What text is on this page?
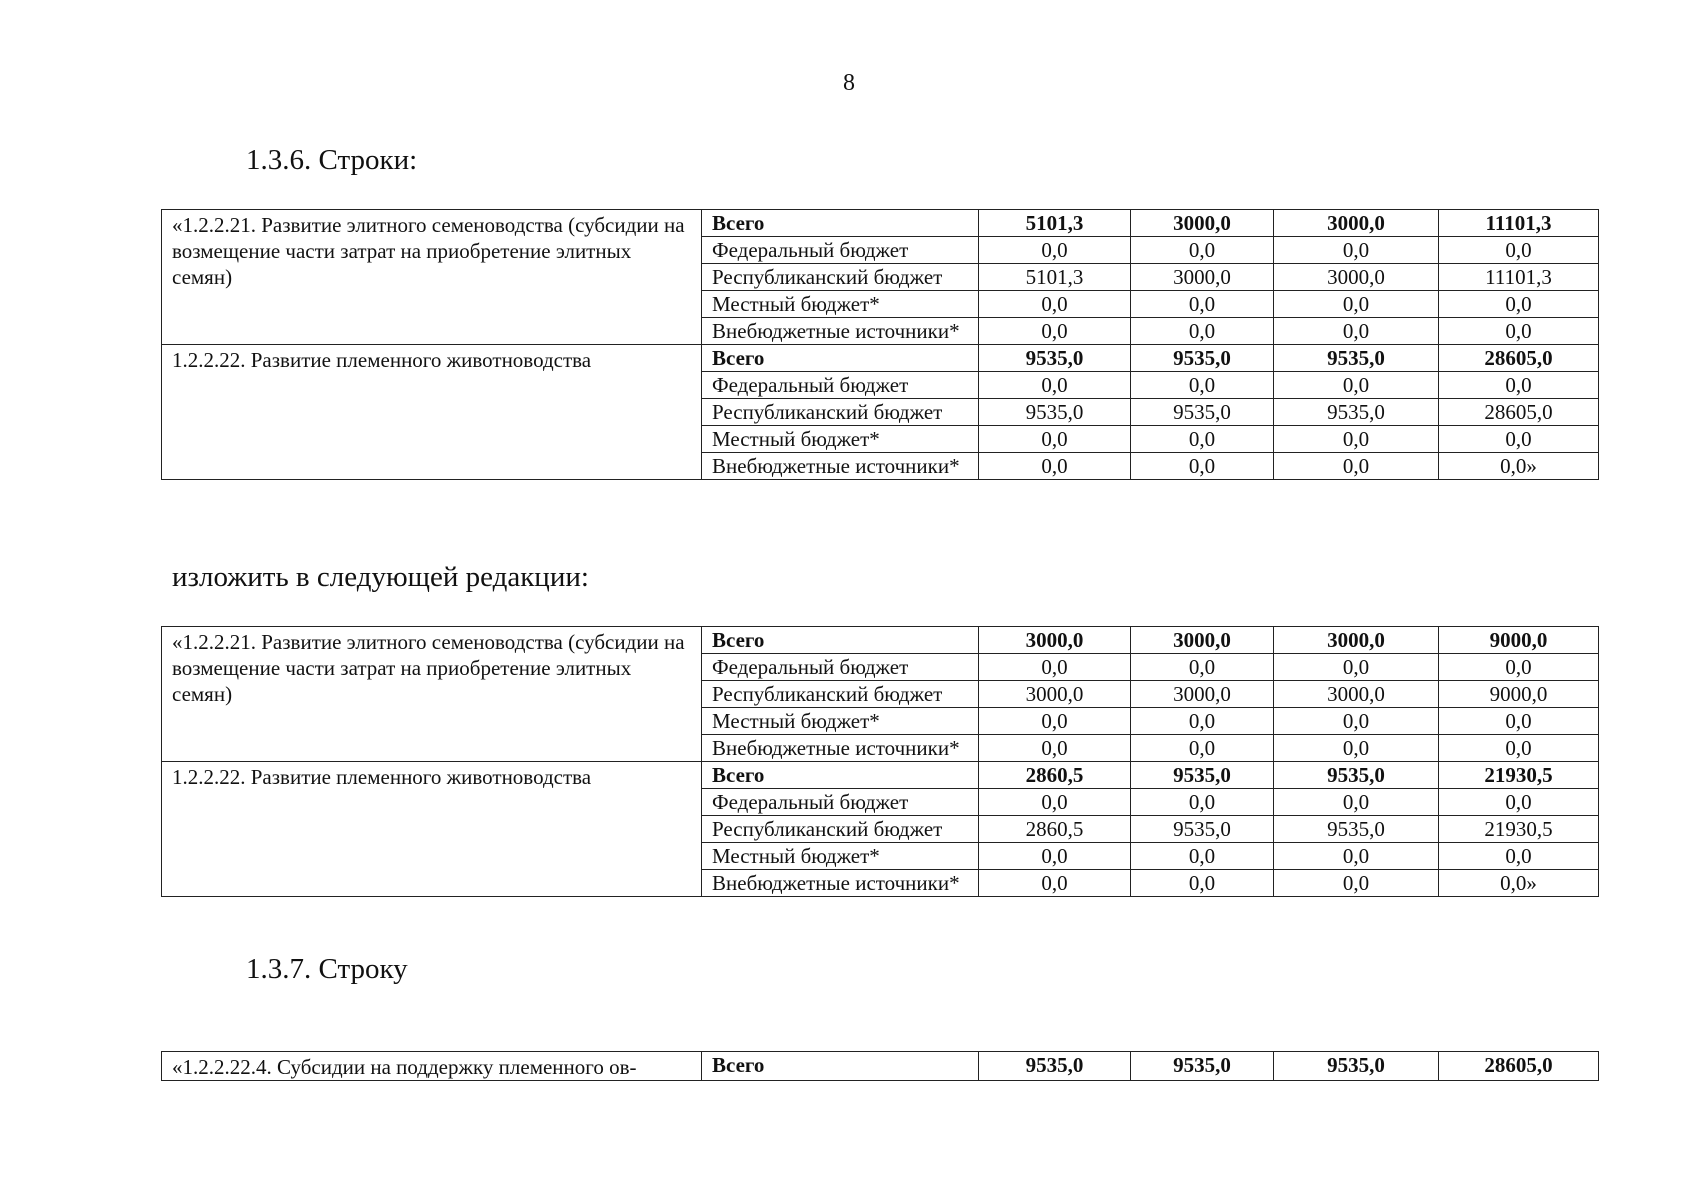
8
1.3.6. Строки:
«1.2.2.21. Развитие элитного семеноводства (субсидии на возмещение части затрат на приобретение элитных семян)	Всего	5101,3	3000,0	3000,0	11101,3
	Федеральный бюджет	0,0	0,0	0,0	0,0
	Республиканский бюджет	5101,3	3000,0	3000,0	11101,3
	Местный бюджет*	0,0	0,0	0,0	0,0
	Внебюджетные источники*	0,0	0,0	0,0	0,0
1.2.2.22. Развитие племенного животноводства	Всего	9535,0	9535,0	9535,0	28605,0
	Федеральный бюджет	0,0	0,0	0,0	0,0
	Республиканский бюджет	9535,0	9535,0	9535,0	28605,0
	Местный бюджет*	0,0	0,0	0,0	0,0
	Внебюджетные источники*	0,0	0,0	0,0	0,0»
изложить в следующей редакции:
«1.2.2.21. Развитие элитного семеноводства (субсидии на возмещение части затрат на приобретение элитных семян)	Всего	3000,0	3000,0	3000,0	9000,0
	Федеральный бюджет	0,0	0,0	0,0	0,0
	Республиканский бюджет	3000,0	3000,0	3000,0	9000,0
	Местный бюджет*	0,0	0,0	0,0	0,0
	Внебюджетные источники*	0,0	0,0	0,0	0,0
1.2.2.22. Развитие племенного животноводства	Всего	2860,5	9535,0	9535,0	21930,5
	Федеральный бюджет	0,0	0,0	0,0	0,0
	Республиканский бюджет	2860,5	9535,0	9535,0	21930,5
	Местный бюджет*	0,0	0,0	0,0	0,0
	Внебюджетные источники*	0,0	0,0	0,0	0,0»
1.3.7. Строку
«1.2.2.22.4. Субсидии на поддержку племенного ов-	Всего	9535,0	9535,0	9535,0	28605,0
